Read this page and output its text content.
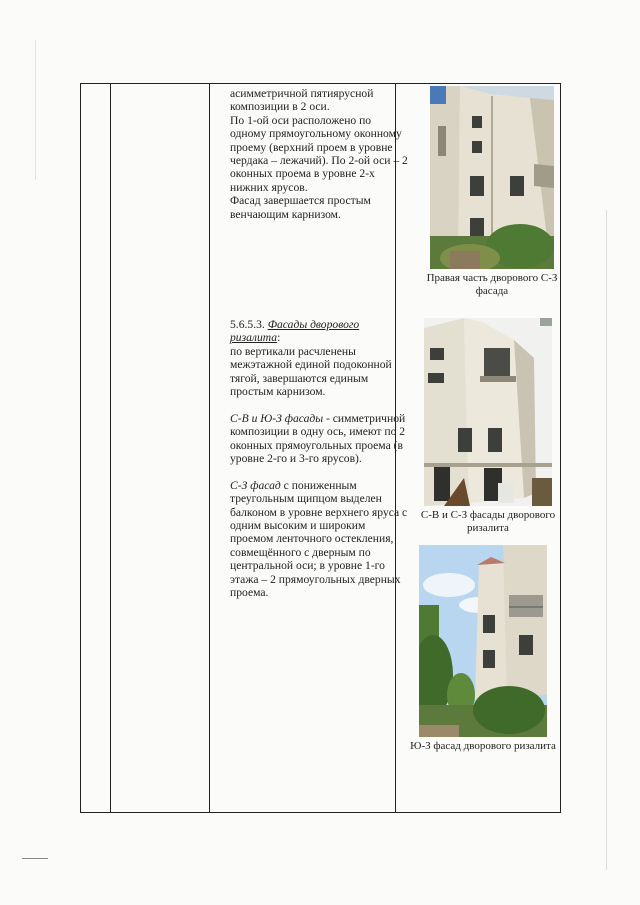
асимметричной пятиярусной

композиции в 2 оси.

По 1-ой оси расположено по

одному прямоугольному оконному

проему (верхний проем в уровне

чердака – лежачий). По 2-ой оси – 2

оконных проема в уровне 2-х

нижних ярусов.

Фасад завершается простым

венчающим карнизом.

5.6.5.3. Фасады дворового

ризалита:

по вертикали расчленены

межэтажной единой подоконной

тягой, завершаются единым

простым карнизом.

С-В и Ю-З фасады - симметричной

композиции в одну ось, имеют по 2

оконных прямоугольных проема (в

уровне 2-го и 3-го ярусов).

С-З фасад с пониженным

треугольным щипцом выделен

балконом в уровне верхнего яруса с

одним высоким и широким

проемом ленточного остекления,

совмещённого с дверным по

центральной оси; в уровне 1-го

этажа – 2 прямоугольных дверных

проема.

Правая часть дворового С-З
фасада
С-В и С-З фасады дворового
ризалита
Ю-З фасад дворового ризалита
